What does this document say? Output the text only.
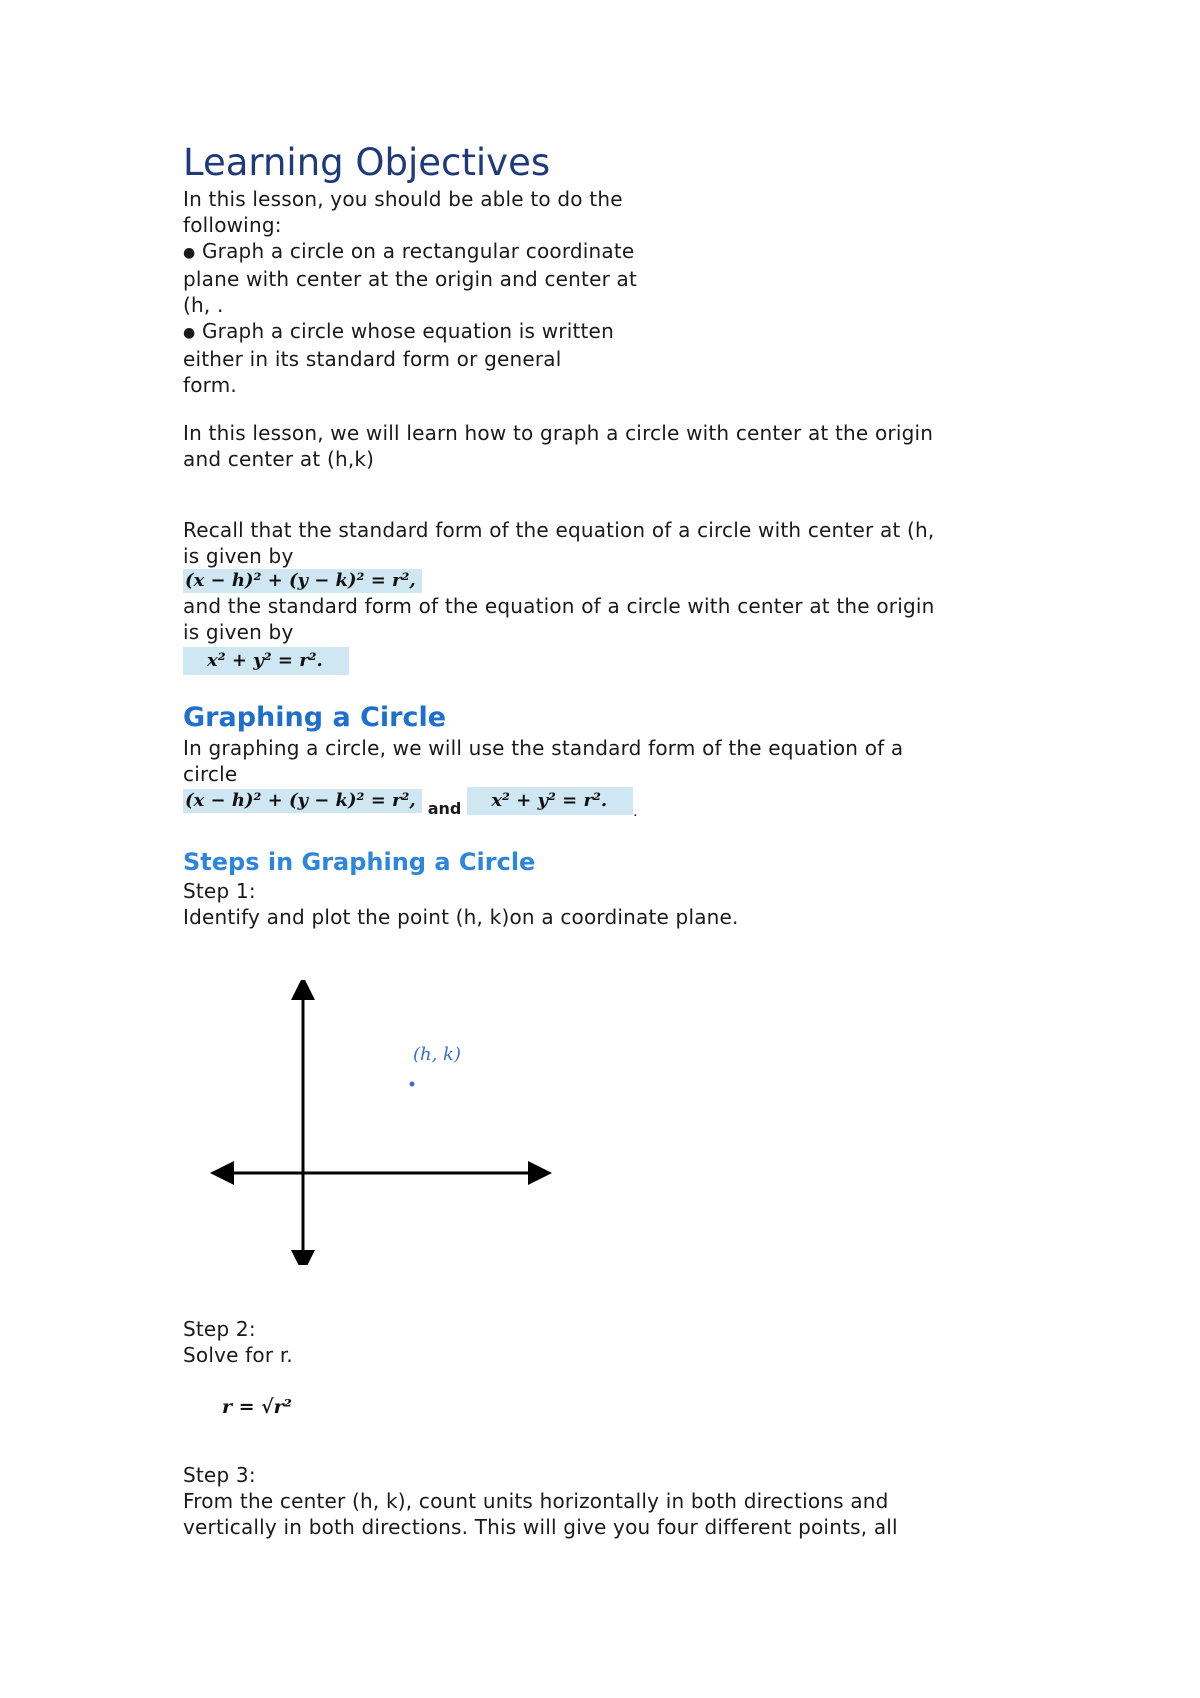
Learning Objectives

In this lesson, you should be able to do the

following:

● Graph a circle on a rectangular coordinate

plane with center at the origin and center at

(h, .

● Graph a circle whose equation is written

either in its standard form or general

form.

In this lesson, we will learn how to graph a circle with center at the origin

and center at (h,k)

Recall that the standard form of the equation of a circle with center at (h,

is given by

(x − h)² + (y − k)² = r²,

and the standard form of the equation of a circle with center at the origin

is given by

x² + y² = r².
Graphing a Circle

In graphing a circle, we will use the standard form of the equation of a

circle

(x − h)² + (y − k)² = r², and x² + y² = r²..
Steps in Graphing a Circle

Step 1:

Identify and plot the point (h, k)on a coordinate plane.

(h, k)

Step 2:

Solve for r.

r = √r²

Step 3:

From the center (h, k), count units horizontally in both directions and

vertically in both directions. This will give you four different points, all
